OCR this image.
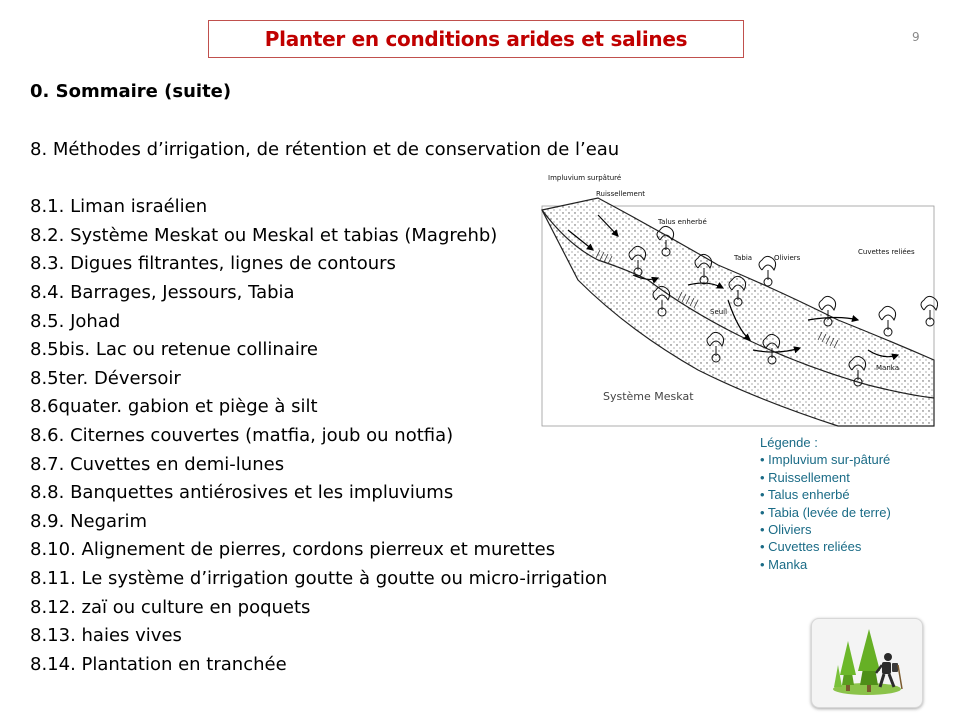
Planter en conditions arides et salines	9
0. Sommaire (suite)
8. Méthodes d’irrigation, de rétention et de conservation de l’eau
8.1. Liman israélien
8.2. Système Meskat ou Meskal et tabias (Magrehb)
8.3. Digues filtrantes, lignes de contours
8.4. Barrages, Jessours, Tabia
8.5. Johad
8.5bis. Lac ou retenue collinaire
8.5ter. Déversoir
8.6quater. gabion et piège à silt
8.6. Citernes couvertes (matfia, joub ou notfia)
8.7. Cuvettes en demi-lunes
8.8. Banquettes antiérosives et les impluviums
8.9. Negarim
8.10. Alignement de pierres, cordons pierreux et murettes
8.11. Le système d’irrigation goutte à goutte ou micro-irrigation
8.12. zaï ou culture en poquets
8.13. haies vives
8.14. Plantation en tranchée
Impluvium surpâturé
Ruissellement
Talus enherbé
Tabia	Oliviers
Seuil
Cuvettes reliées
Manka
Système Meskat
Légende :
• Impluvium sur-pâturé
• Ruissellement
• Talus enherbé
• Tabia (levée de terre)
• Oliviers
• Cuvettes reliées
• Manka
